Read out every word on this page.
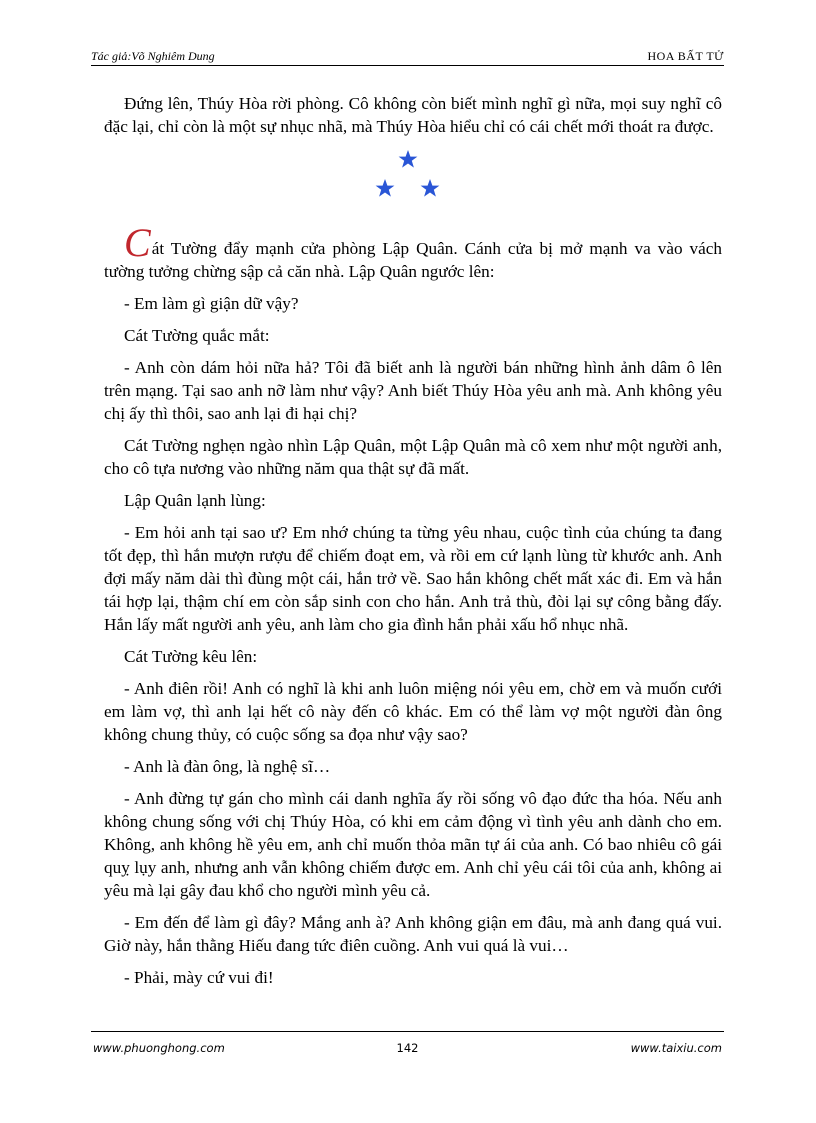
Tác giả:Võ Nghiêm Dung	HOA BẤT TỬ

Đứng lên, Thúy Hòa rời phòng. Cô không còn biết mình nghĩ gì nữa, mọi suy nghĩ cô đặc lại, chỉ còn là một sự nhục nhã, mà Thúy Hòa hiểu chỉ có cái chết mới thoát ra được.

Cát Tường đẩy mạnh cửa phòng Lập Quân. Cánh cửa bị mở mạnh va vào vách tường tưởng chừng sập cả căn nhà. Lập Quân ngước lên:

- Em làm gì giận dữ vậy?

Cát Tường quắc mắt:

- Anh còn dám hỏi nữa hả? Tôi đã biết anh là người bán những hình ảnh dâm ô lên trên mạng. Tại sao anh nỡ làm như vậy? Anh biết Thúy Hòa yêu anh mà. Anh không yêu chị ấy thì thôi, sao anh lại đi hại chị?

Cát Tường nghẹn ngào nhìn Lập Quân, một Lập Quân mà cô xem như một người anh, cho cô tựa nương vào những năm qua thật sự đã mất.

Lập Quân lạnh lùng:

- Em hỏi anh tại sao ư? Em nhớ chúng ta từng yêu nhau, cuộc tình của chúng ta đang tốt đẹp, thì hắn mượn rượu để chiếm đoạt em, và rồi em cứ lạnh lùng từ khước anh. Anh đợi mấy năm dài thì đùng một cái, hắn trở về. Sao hắn không chết mất xác đi. Em và hắn tái hợp lại, thậm chí em còn sắp sinh con cho hắn. Anh trả thù, đòi lại sự công bằng đấy. Hắn lấy mất người anh yêu, anh làm cho gia đình hắn phải xấu hổ nhục nhã.

Cát Tường kêu lên:

- Anh điên rồi! Anh có nghĩ là khi anh luôn miệng nói yêu em, chờ em và muốn cưới em làm vợ, thì anh lại hết cô này đến cô khác. Em có thể làm vợ một người đàn ông không chung thủy, có cuộc sống sa đọa như vậy sao?

- Anh là đàn ông, là nghệ sĩ…

- Anh đừng tự gán cho mình cái danh nghĩa ấy rồi sống vô đạo đức tha hóa. Nếu anh không chung sống với chị Thúy Hòa, có khi em cảm động vì tình yêu anh dành cho em. Không, anh không hề yêu em, anh chỉ muốn thỏa mãn tự ái của anh. Có bao nhiêu cô gái quỵ lụy anh, nhưng anh vẫn không chiếm được em. Anh chỉ yêu cái tôi của anh, không ai yêu mà lại gây đau khổ cho người mình yêu cả.

- Em đến để làm gì đây? Mắng anh à? Anh không giận em đâu, mà anh đang quá vui. Giờ này, hắn thằng Hiếu đang tức điên cuồng. Anh vui quá là vui…

- Phải, mày cứ vui đi!

www.phuonghong.com	142	www.taixiu.com
